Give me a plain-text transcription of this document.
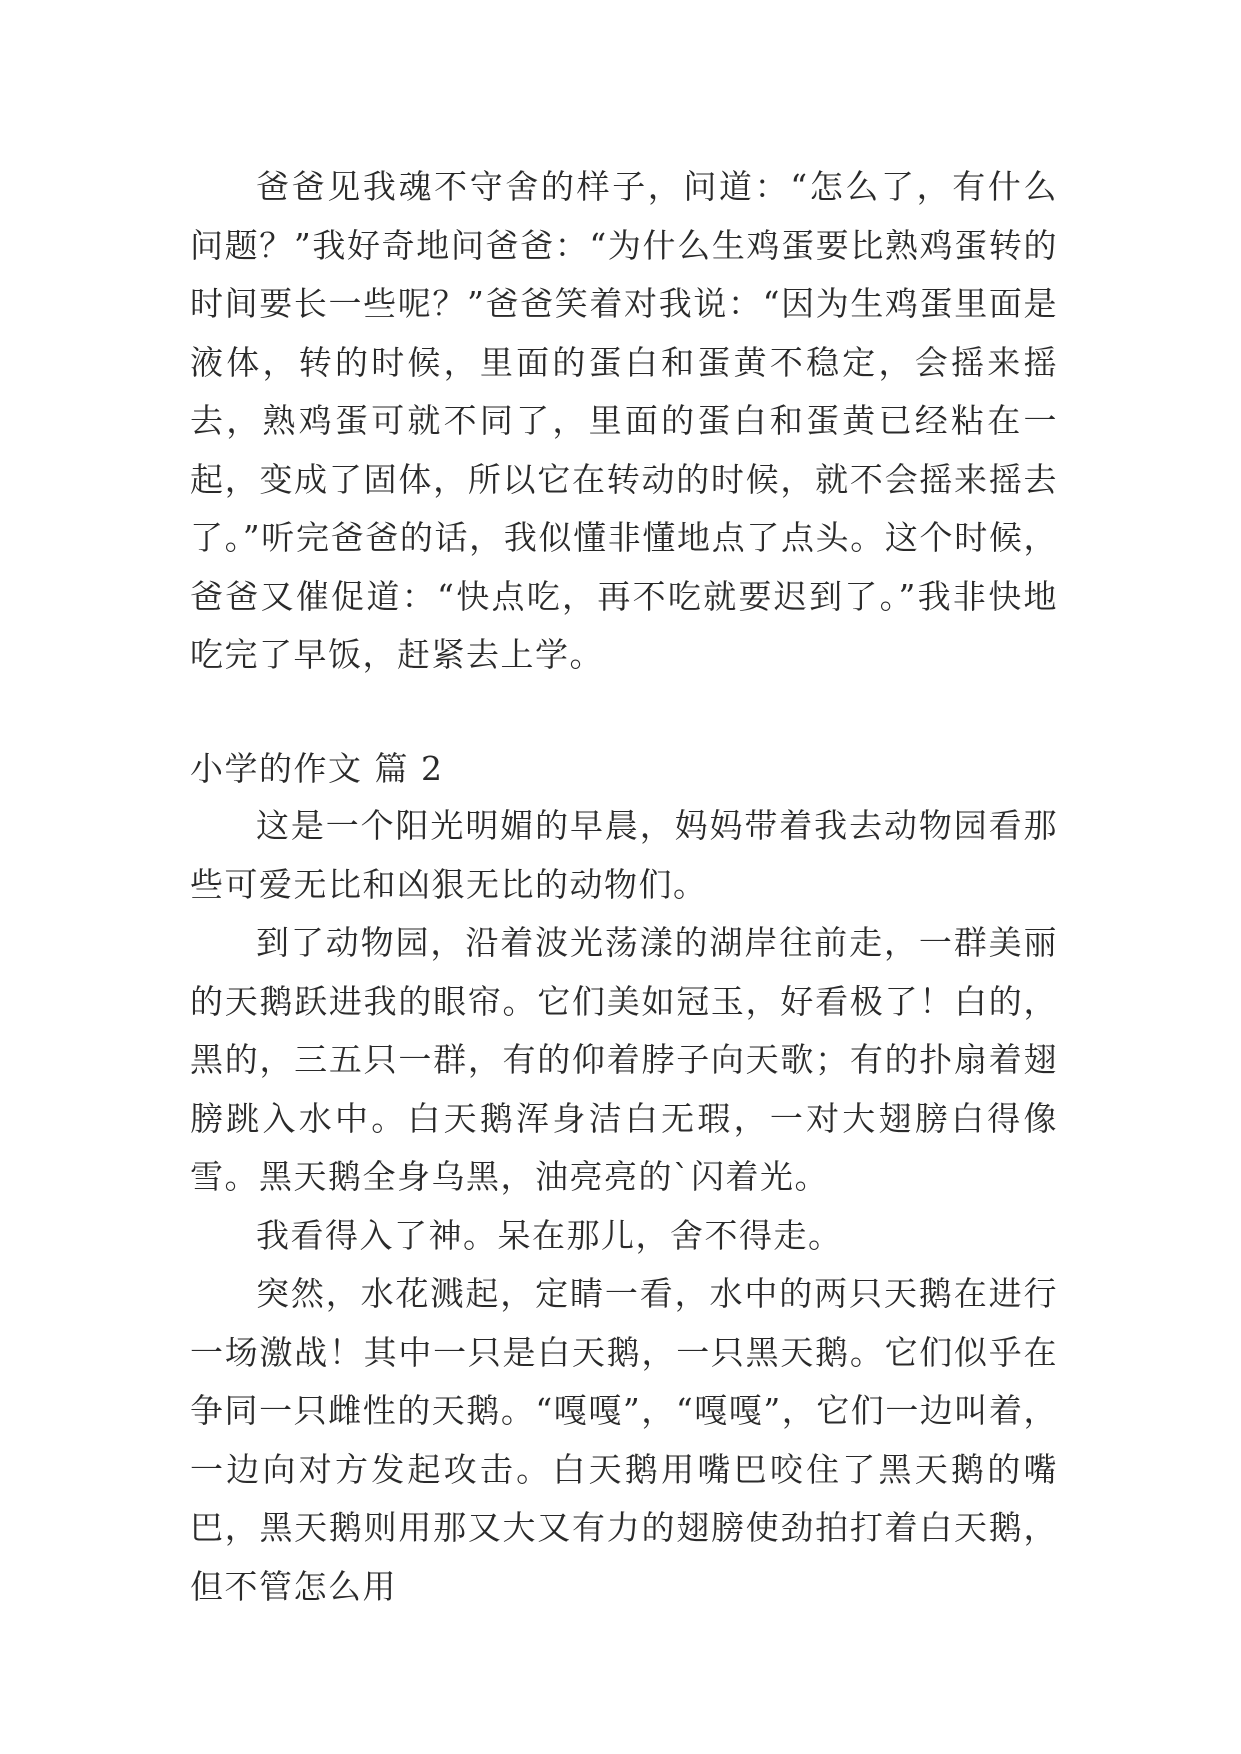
爸爸见我魂不守舍的样子，问道：“怎么了，有什么问题？”我好奇地问爸爸：“为什么生鸡蛋要比熟鸡蛋转的时间要长一些呢？”爸爸笑着对我说：“因为生鸡蛋里面是液体，转的时候，里面的蛋白和蛋黄不稳定，会摇来摇去，熟鸡蛋可就不同了，里面的蛋白和蛋黄已经粘在一起，变成了固体，所以它在转动的时候，就不会摇来摇去了。”听完爸爸的话，我似懂非懂地点了点头。这个时候，爸爸又催促道：“快点吃，再不吃就要迟到了。”我非快地吃完了早饭，赶紧去上学。

小学的作文 篇 2

这是一个阳光明媚的早晨，妈妈带着我去动物园看那些可爱无比和凶狠无比的动物们。

到了动物园，沿着波光荡漾的湖岸往前走，一群美丽的天鹅跃进我的眼帘。它们美如冠玉，好看极了！白的，黑的，三五只一群，有的仰着脖子向天歌；有的扑扇着翅膀跳入水中。白天鹅浑身洁白无瑕，一对大翅膀白得像雪。黑天鹅全身乌黑，油亮亮的`闪着光。

我看得入了神。呆在那儿，舍不得走。

突然，水花溅起，定睛一看，水中的两只天鹅在进行一场激战！其中一只是白天鹅，一只黑天鹅。它们似乎在争同一只雌性的天鹅。“嘎嘎”，“嘎嘎”，它们一边叫着，一边向对方发起攻击。白天鹅用嘴巴咬住了黑天鹅的嘴巴，黑天鹅则用那又大又有力的翅膀使劲拍打着白天鹅，但不管怎么用
